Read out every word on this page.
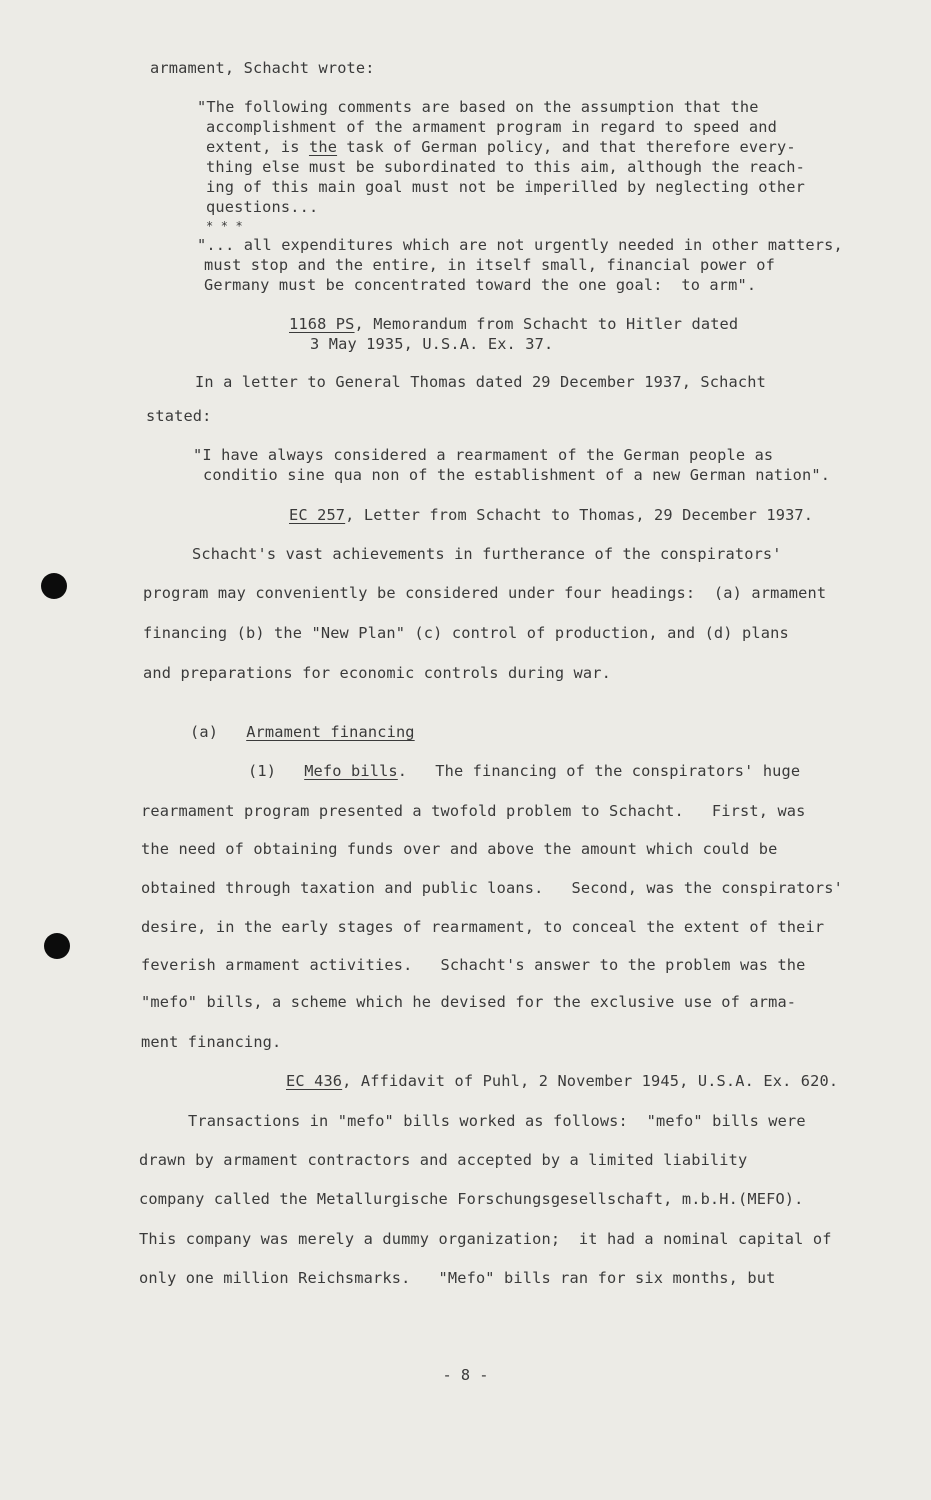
armament, Schacht wrote:
"The following comments are based on the assumption that the
accomplishment of the armament program in regard to speed and
extent, is the task of German policy, and that therefore every-
thing else must be subordinated to this aim, although the reach-
ing of this main goal must not be imperilled by neglecting other
questions...
* * *
"... all expenditures which are not urgently needed in other matters,
must stop and the entire, in itself small, financial power of
Germany must be concentrated toward the one goal:  to arm".
1168 PS, Memorandum from Schacht to Hitler dated
3 May 1935, U.S.A. Ex. 37.
In a letter to General Thomas dated 29 December 1937, Schacht
stated:
"I have always considered a rearmament of the German people as
conditio sine qua non of the establishment of a new German nation".
EC 257, Letter from Schacht to Thomas, 29 December 1937.
Schacht's vast achievements in furtherance of the conspirators'
program may conveniently be considered under four headings:  (a) armament
financing (b) the "New Plan" (c) control of production, and (d) plans
and preparations for economic controls during war.
(a) Armament financing
(1) Mefo bills.   The financing of the conspirators' huge
rearmament program presented a twofold problem to Schacht.   First, was
the need of obtaining funds over and above the amount which could be
obtained through taxation and public loans.   Second, was the conspirators'
desire, in the early stages of rearmament, to conceal the extent of their
feverish armament activities.   Schacht's answer to the problem was the
"mefo" bills, a scheme which he devised for the exclusive use of arma-
ment financing.
EC 436, Affidavit of Puhl, 2 November 1945, U.S.A. Ex. 620.
Transactions in "mefo" bills worked as follows:  "mefo" bills were
drawn by armament contractors and accepted by a limited liability
company called the Metallurgische Forschungsgesellschaft, m.b.H.(MEFO).
This company was merely a dummy organization;  it had a nominal capital of
only one million Reichsmarks.   "Mefo" bills ran for six months, but
- 8 -
